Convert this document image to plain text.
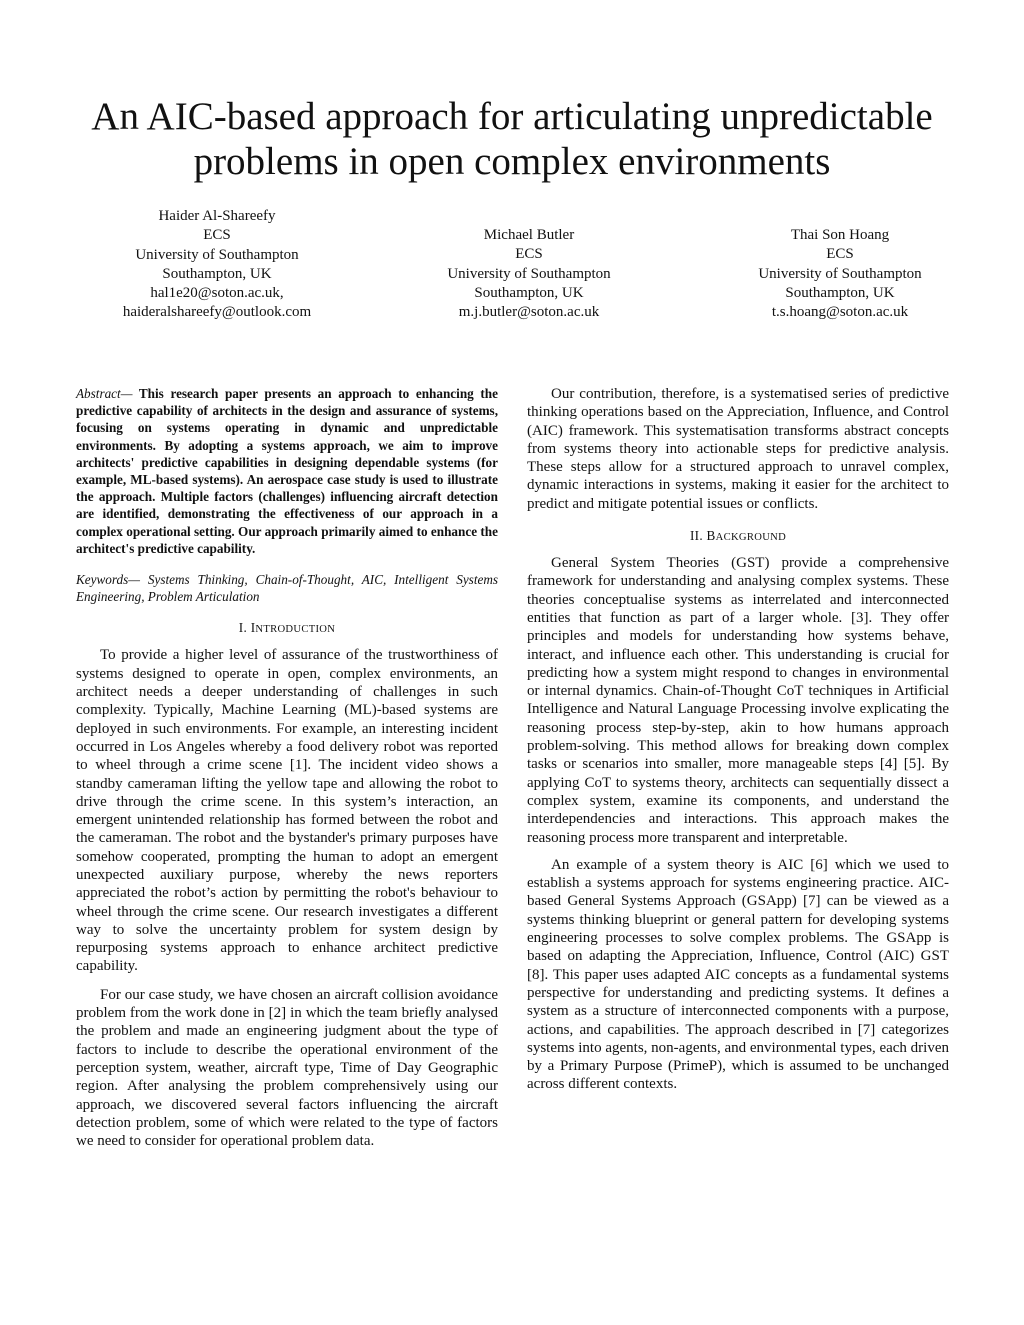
An AIC-based approach for articulating unpredictable problems in open complex environments
Haider Al-Shareefy
ECS
University of Southampton
Southampton, UK
hal1e20@soton.ac.uk,
haideralshareefy@outlook.com
Michael Butler
ECS
University of Southampton
Southampton, UK
m.j.butler@soton.ac.uk
Thai Son Hoang
ECS
University of Southampton
Southampton, UK
t.s.hoang@soton.ac.uk

Abstract— This research paper presents an approach to enhancing the predictive capability of architects in the design and assurance of systems, focusing on systems operating in dynamic and unpredictable environments. By adopting a systems approach, we aim to improve architects' predictive capabilities in designing dependable systems (for example, ML-based systems). An aerospace case study is used to illustrate the approach. Multiple factors (challenges) influencing aircraft detection are identified, demonstrating the effectiveness of our approach in a complex operational setting. Our approach primarily aimed to enhance the architect's predictive capability.

Keywords— Systems Thinking, Chain-of-Thought, AIC, Intelligent Systems Engineering, Problem Articulation

I. INTRODUCTION

To provide a higher level of assurance of the trustworthiness of systems designed to operate in open, complex environments, an architect needs a deeper understanding of challenges in such complexity. Typically, Machine Learning (ML)-based systems are deployed in such environments. For example, an interesting incident occurred in Los Angeles whereby a food delivery robot was reported to wheel through a crime scene [1]. The incident video shows a standby cameraman lifting the yellow tape and allowing the robot to drive through the crime scene. In this system’s interaction, an emergent unintended relationship has formed between the robot and the cameraman. The robot and the bystander's primary purposes have somehow cooperated, prompting the human to adopt an emergent unexpected auxiliary purpose, whereby the news reporters appreciated the robot’s action by permitting the robot's behaviour to wheel through the crime scene. Our research investigates a different way to solve the uncertainty problem for system design by repurposing systems approach to enhance architect predictive capability.

For our case study, we have chosen an aircraft collision avoidance problem from the work done in [2] in which the team briefly analysed the problem and made an engineering judgment about the type of factors to include to describe the operational environment of the perception system, weather, aircraft type, Time of Day Geographic region. After analysing the problem comprehensively using our approach, we discovered several factors influencing the aircraft detection problem, some of which were related to the type of factors we need to consider for operational problem data.

Our contribution, therefore, is a systematised series of predictive thinking operations based on the Appreciation, Influence, and Control (AIC) framework. This systematisation transforms abstract concepts from systems theory into actionable steps for predictive analysis. These steps allow for a structured approach to unravel complex, dynamic interactions in systems, making it easier for the architect to predict and mitigate potential issues or conflicts.

II. BACKGROUND

General System Theories (GST) provide a comprehensive framework for understanding and analysing complex systems. These theories conceptualise systems as interrelated and interconnected entities that function as part of a larger whole. [3]. They offer principles and models for understanding how systems behave, interact, and influence each other. This understanding is crucial for predicting how a system might respond to changes in environmental or internal dynamics. Chain-of-Thought CoT techniques in Artificial Intelligence and Natural Language Processing involve explicating the reasoning process step-by-step, akin to how humans approach problem-solving. This method allows for breaking down complex tasks or scenarios into smaller, more manageable steps [4] [5]. By applying CoT to systems theory, architects can sequentially dissect a complex system, examine its components, and understand the interdependencies and interactions. This approach makes the reasoning process more transparent and interpretable.

An example of a system theory is AIC [6] which we used to establish a systems approach for systems engineering practice. AIC-based General Systems Approach (GSApp) [7] can be viewed as a systems thinking blueprint or general pattern for developing systems engineering processes to solve complex problems. The GSApp is based on adapting the Appreciation, Influence, Control (AIC) GST [8]. This paper uses adapted AIC concepts as a fundamental systems perspective for understanding and predicting systems. It defines a system as a structure of interconnected components with a purpose, actions, and capabilities. The approach described in [7] categorizes systems into agents, non-agents, and environmental types, each driven by a Primary Purpose (PrimeP), which is assumed to be unchanged across different contexts.
